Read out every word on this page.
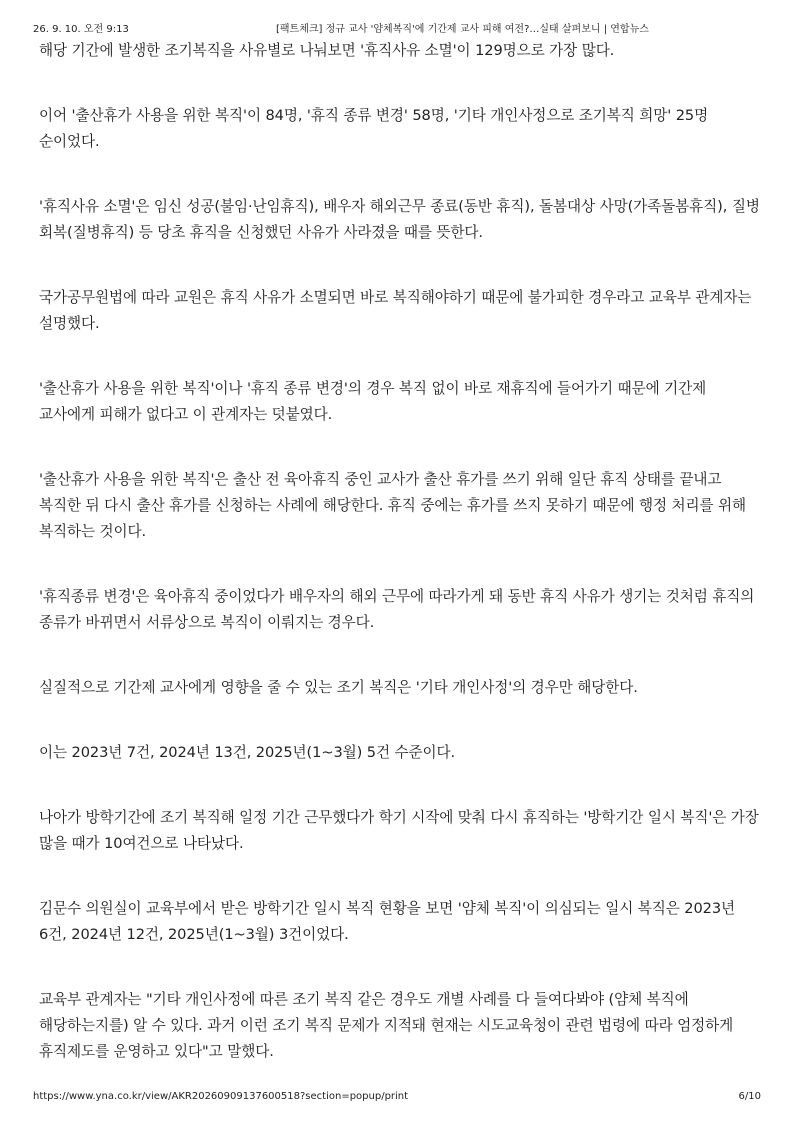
26. 9. 10. 오전 9:13	[팩트체크] 정규 교사 '얌체복직'에 기간제 교사 피해 여전?…실태 살펴보니 | 연합뉴스

해당 기간에 발생한 조기복직을 사유별로 나눠보면 '휴직사유 소멸'이 129명으로 가장 많다.

이어 '출산휴가 사용을 위한 복직'이 84명, '휴직 종류 변경' 58명, '기타 개인사정으로 조기복직 희망' 25명 순이었다.

'휴직사유 소멸'은 임신 성공(불임·난임휴직), 배우자 해외근무 종료(동반 휴직), 돌봄대상 사망(가족돌봄휴직), 질병 회복(질병휴직) 등 당초 휴직을 신청했던 사유가 사라졌을 때를 뜻한다.

국가공무원법에 따라 교원은 휴직 사유가 소멸되면 바로 복직해야하기 때문에 불가피한 경우라고 교육부 관계자는 설명했다.

'출산휴가 사용을 위한 복직'이나 '휴직 종류 변경'의 경우 복직 없이 바로 재휴직에 들어가기 때문에 기간제 교사에게 피해가 없다고 이 관계자는 덧붙였다.

'출산휴가 사용을 위한 복직'은 출산 전 육아휴직 중인 교사가 출산 휴가를 쓰기 위해 일단 휴직 상태를 끝내고 복직한 뒤 다시 출산 휴가를 신청하는 사례에 해당한다. 휴직 중에는 휴가를 쓰지 못하기 때문에 행정 처리를 위해 복직하는 것이다.

'휴직종류 변경'은 육아휴직 중이었다가 배우자의 해외 근무에 따라가게 돼 동반 휴직 사유가 생기는 것처럼 휴직의 종류가 바뀌면서 서류상으로 복직이 이뤄지는 경우다.

실질적으로 기간제 교사에게 영향을 줄 수 있는 조기 복직은 '기타 개인사정'의 경우만 해당한다.

이는 2023년 7건, 2024년 13건, 2025년(1~3월) 5건 수준이다.

나아가 방학기간에 조기 복직해 일정 기간 근무했다가 학기 시작에 맞춰 다시 휴직하는 '방학기간 일시 복직'은 가장 많을 때가 10여건으로 나타났다.

김문수 의원실이 교육부에서 받은 방학기간 일시 복직 현황을 보면 '얌체 복직'이 의심되는 일시 복직은 2023년 6건, 2024년 12건, 2025년(1~3월) 3건이었다.

교육부 관계자는 "기타 개인사정에 따른 조기 복직 같은 경우도 개별 사례를 다 들여다봐야 (얌체 복직에 해당하는지를) 알 수 있다. 과거 이런 조기 복직 문제가 지적돼 현재는 시도교육청이 관련 법령에 따라 엄정하게 휴직제도를 운영하고 있다"고 말했다.

https://www.yna.co.kr/view/AKR20260909137600518?section=popup/print	6/10
